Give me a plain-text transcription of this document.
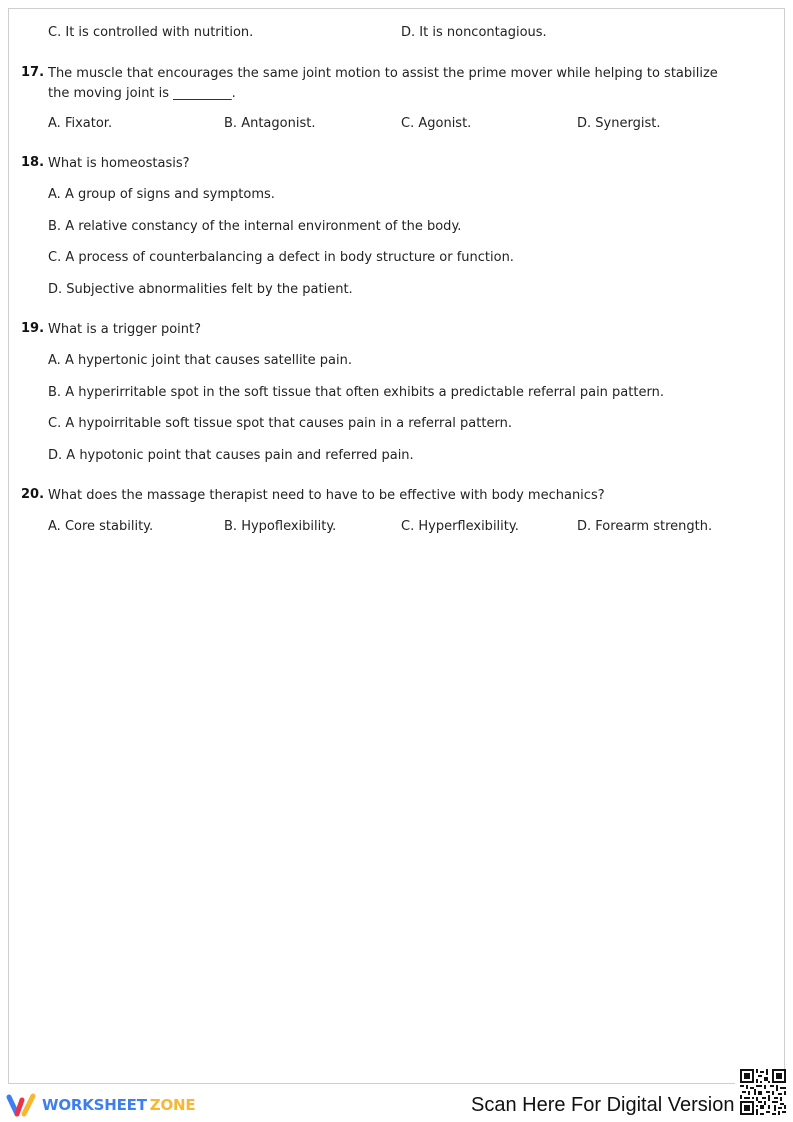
C. It is controlled with nutrition.	D. It is noncontagious.
17. The muscle that encourages the same joint motion to assist the prime mover while helping to stabilize the moving joint is _________.
A. Fixator.	B. Antagonist.	C. Agonist.	D. Synergist.
18. What is homeostasis?
A. A group of signs and symptoms.
B. A relative constancy of the internal environment of the body.
C. A process of counterbalancing a defect in body structure or function.
D. Subjective abnormalities felt by the patient.
19. What is a trigger point?
A. A hypertonic joint that causes satellite pain.
B. A hyperirritable spot in the soft tissue that often exhibits a predictable referral pain pattern.
C. A hypoirritable soft tissue spot that causes pain in a referral pattern.
D. A hypotonic point that causes pain and referred pain.
20. What does the massage therapist need to have to be effective with body mechanics?
A. Core stability.	B. Hypoflexibility.	C. Hyperflexibility.	D. Forearm strength.
WORKSHEET ZONE	Scan Here For Digital Version
